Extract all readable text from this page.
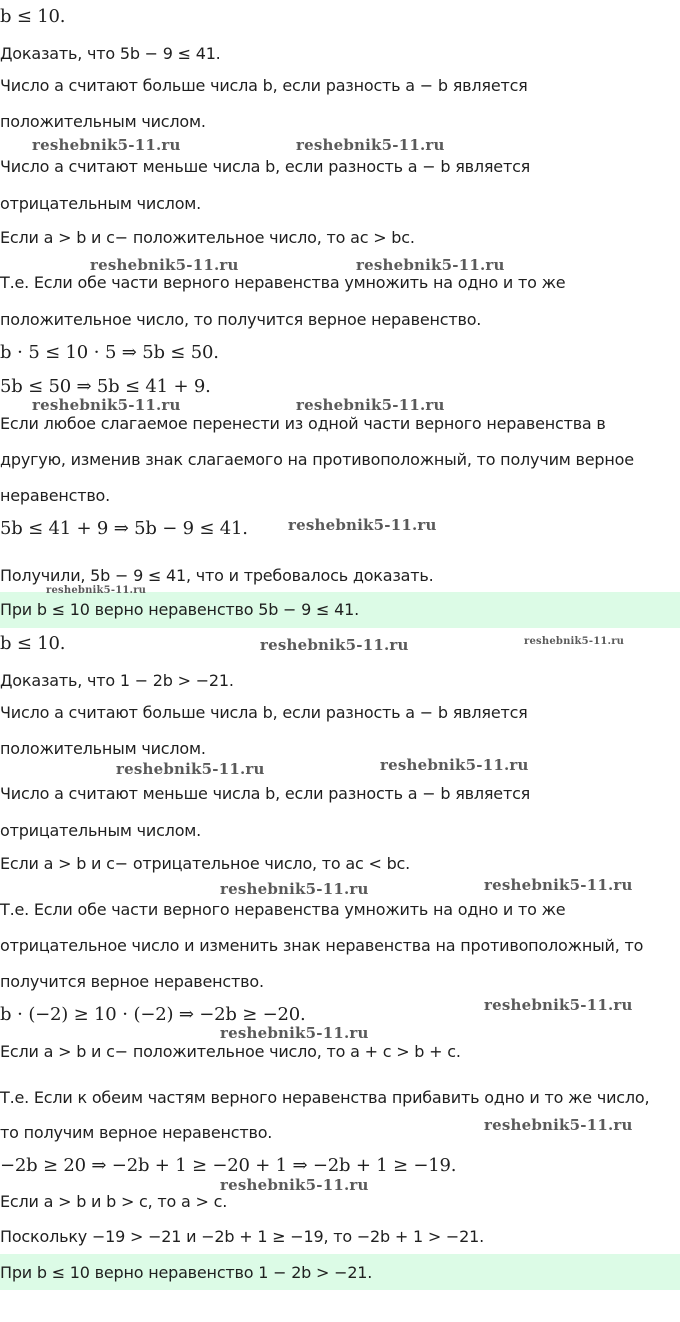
b ≤ 10.
Доказать, что 5b − 9 ≤ 41.
Число a считают больше числа b, если разность a − b является
положительным числом.
Число a считают меньше числа b, если разность a − b является
отрицательным числом.
Если a > b и c− положительное число, то ac > bc.
Т.е. Если обе части верного неравенства умножить на одно и то же
положительное число, то получится верное неравенство.
b ⋅ 5 ≤ 10 ⋅ 5 ⇒ 5b ≤ 50.
5b ≤ 50 ⇒ 5b ≤ 41 + 9.
Если любое слагаемое перенести из одной части верного неравенства в
другую, изменив знак слагаемого на противоположный, то получим верное
неравенство.
5b ≤ 41 + 9 ⇒ 5b − 9 ≤ 41.
Получили, 5b − 9 ≤ 41, что и требовалось доказать.
При b ≤ 10 верно неравенство 5b − 9 ≤ 41.
b ≤ 10.
Доказать, что 1 − 2b > −21.
Число a считают больше числа b, если разность a − b является
положительным числом.
Число a считают меньше числа b, если разность a − b является
отрицательным числом.
Если a > b и c− отрицательное число, то ac < bc.
Т.е. Если обе части верного неравенства умножить на одно и то же
отрицательное число и изменить знак неравенства на противоположный, то
получится верное неравенство.
b ⋅ (−2) ≥ 10 ⋅ (−2) ⇒ −2b ≥ −20.
Если a > b и c− положительное число, то a + c > b + c.
Т.е. Если к обеим частям верного неравенства прибавить одно и то же число,
то получим верное неравенство.
−2b ≥ 20 ⇒ −2b + 1 ≥ −20 + 1 ⇒ −2b + 1 ≥ −19.
Если a > b и b > c, то a > c.
Поскольку −19 > −21 и −2b + 1 ≥ −19, то −2b + 1 > −21.
При b ≤ 10 верно неравенство 1 − 2b > −21.
reshebnik5-11.ru	reshebnik5-11.ru
reshebnik5-11.ru	reshebnik5-11.ru
reshebnik5-11.ru	reshebnik5-11.ru
reshebnik5-11.ru
reshebnik5-11.ru
reshebnik5-11.ru	reshebnik5-11.ru
reshebnik5-11.ru	reshebnik5-11.ru
reshebnik5-11.ru	reshebnik5-11.ru
reshebnik5-11.ru
reshebnik5-11.ru
reshebnik5-11.ru
reshebnik5-11.ru
